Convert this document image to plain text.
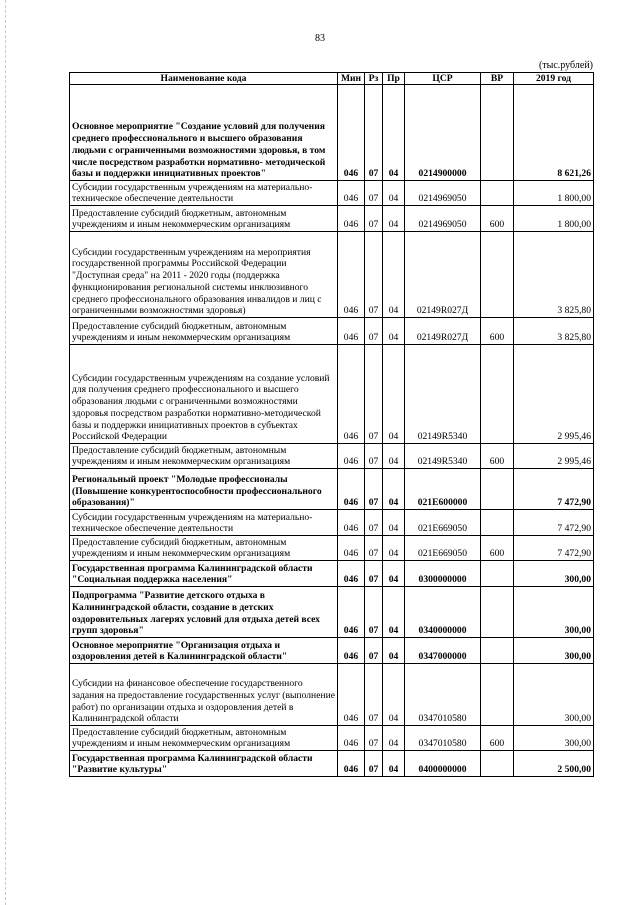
83
(тыс.рублей)
Наименование кода	Мин	Рз	Пр	ЦСР	ВР	2019 год

Основное мероприятие "Создание условий для получения среднего профессионального и высшего образования людьми с ограниченными возможностями здоровья, в том числе посредством разработки нормативно- методической базы и поддержки инициативных проектов"	046	07	04	0214900000		8 621,26

Субсидии государственным учреждениям на материально-техническое обеспечение деятельности	046	07	04	0214969050		1 800,00

Предоставление субсидий бюджетным, автономным учреждениям и иным некоммерческим организациям	046	07	04	0214969050	600	1 800,00

Субсидии государственным учреждениям на мероприятия государственной программы Российской Федерации "Доступная среда" на 2011 - 2020 годы (поддержка функционирования региональной системы инклюзивного среднего профессионального образования инвалидов и лиц с ограниченными возможностями здоровья)	046	07	04	02149R027Д		3 825,80

Предоставление субсидий бюджетным, автономным учреждениям и иным некоммерческим организациям	046	07	04	02149R027Д	600	3 825,80

Субсидии государственным учреждениям на создание условий для получения среднего профессионального и высшего образования людьми с ограниченными возможностями здоровья посредством разработки нормативно-методической базы и поддержки инициативных проектов в субъектах Российской Федерации	046	07	04	02149R5340		2 995,46

Предоставление субсидий бюджетным, автономным учреждениям и иным некоммерческим организациям	046	07	04	02149R5340	600	2 995,46

Региональный проект "Молодые профессионалы (Повышение конкурентоспособности профессионального образования)"	046	07	04	021E600000		7 472,90

Субсидии государственным учреждениям на материально-техническое обеспечение деятельности	046	07	04	021E669050		7 472,90

Предоставление субсидий бюджетным, автономным учреждениям и иным некоммерческим организациям	046	07	04	021E669050	600	7 472,90

Государственная программа Калининградской области "Социальная поддержка населения"	046	07	04	0300000000		300,00

Подпрограмма "Развитие детского отдыха в Калининградской области, создание в детских оздоровительных лагерях условий для отдыха детей всех групп здоровья"	046	07	04	0340000000		300,00

Основное мероприятие "Организация отдыха и оздоровления детей в Калининградской области"	046	07	04	0347000000		300,00

Субсидии на финансовое обеспечение государственного задания на предоставление государственных услуг (выполнение работ) по организации отдыха и оздоровления детей в Калининградской области	046	07	04	0347010580		300,00

Предоставление субсидий бюджетным, автономным учреждениям и иным некоммерческим организациям	046	07	04	0347010580	600	300,00

Государственная программа Калининградской области "Развитие культуры"	046	07	04	0400000000		2 500,00
